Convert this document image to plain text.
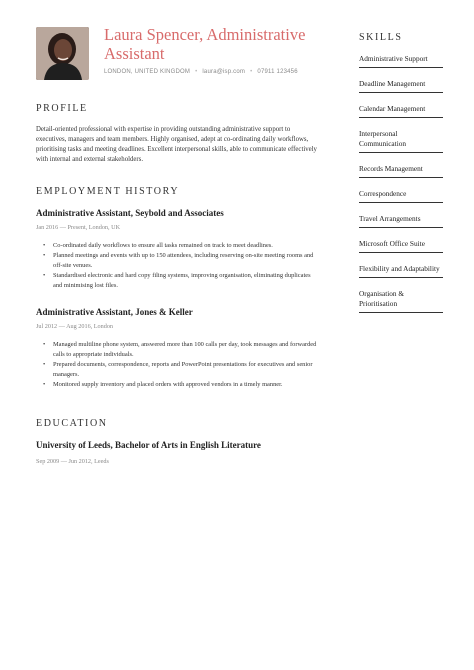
Laura Spencer, Administrative Assistant
LONDON, UNITED KINGDOM • laura@isp.com • 07911 123456
PROFILE
Detail-oriented professional with expertise in providing outstanding administrative support to executives, managers and team members. Highly organised, adept at co-ordinating daily workflows, prioritising tasks and meeting deadlines. Excellent interpersonal skills, able to communicate effectively with internal and external stakeholders.
EMPLOYMENT HISTORY
Administrative Assistant, Seybold and Associates
Jan 2016 — Present, London, UK
• Co-ordinated daily workflows to ensure all tasks remained on track to meet deadlines.
• Planned meetings and events with up to 150 attendees, including reserving on-site meeting rooms and off-site venues.
• Standardised electronic and hard copy filing systems, improving organisation, eliminating duplicates and minimising lost files.
Administrative Assistant, Jones & Keller
Jul 2012 — Aug 2016, London
• Managed multiline phone system, answered more than 100 calls per day, took messages and forwarded calls to appropriate individuals.
• Prepared documents, correspondence, reports and PowerPoint presentations for executives and senior managers.
• Monitored supply inventory and placed orders with approved vendors in a timely manner.
EDUCATION
University of Leeds, Bachelor of Arts in English Literature
Sep 2009 — Jun 2012, Leeds
SKILLS
Administrative Support
Deadline Management
Calendar Management
Interpersonal Communication
Records Management
Correspondence
Travel Arrangements
Microsoft Office Suite
Flexibility and Adaptability
Organisation & Prioritisation
